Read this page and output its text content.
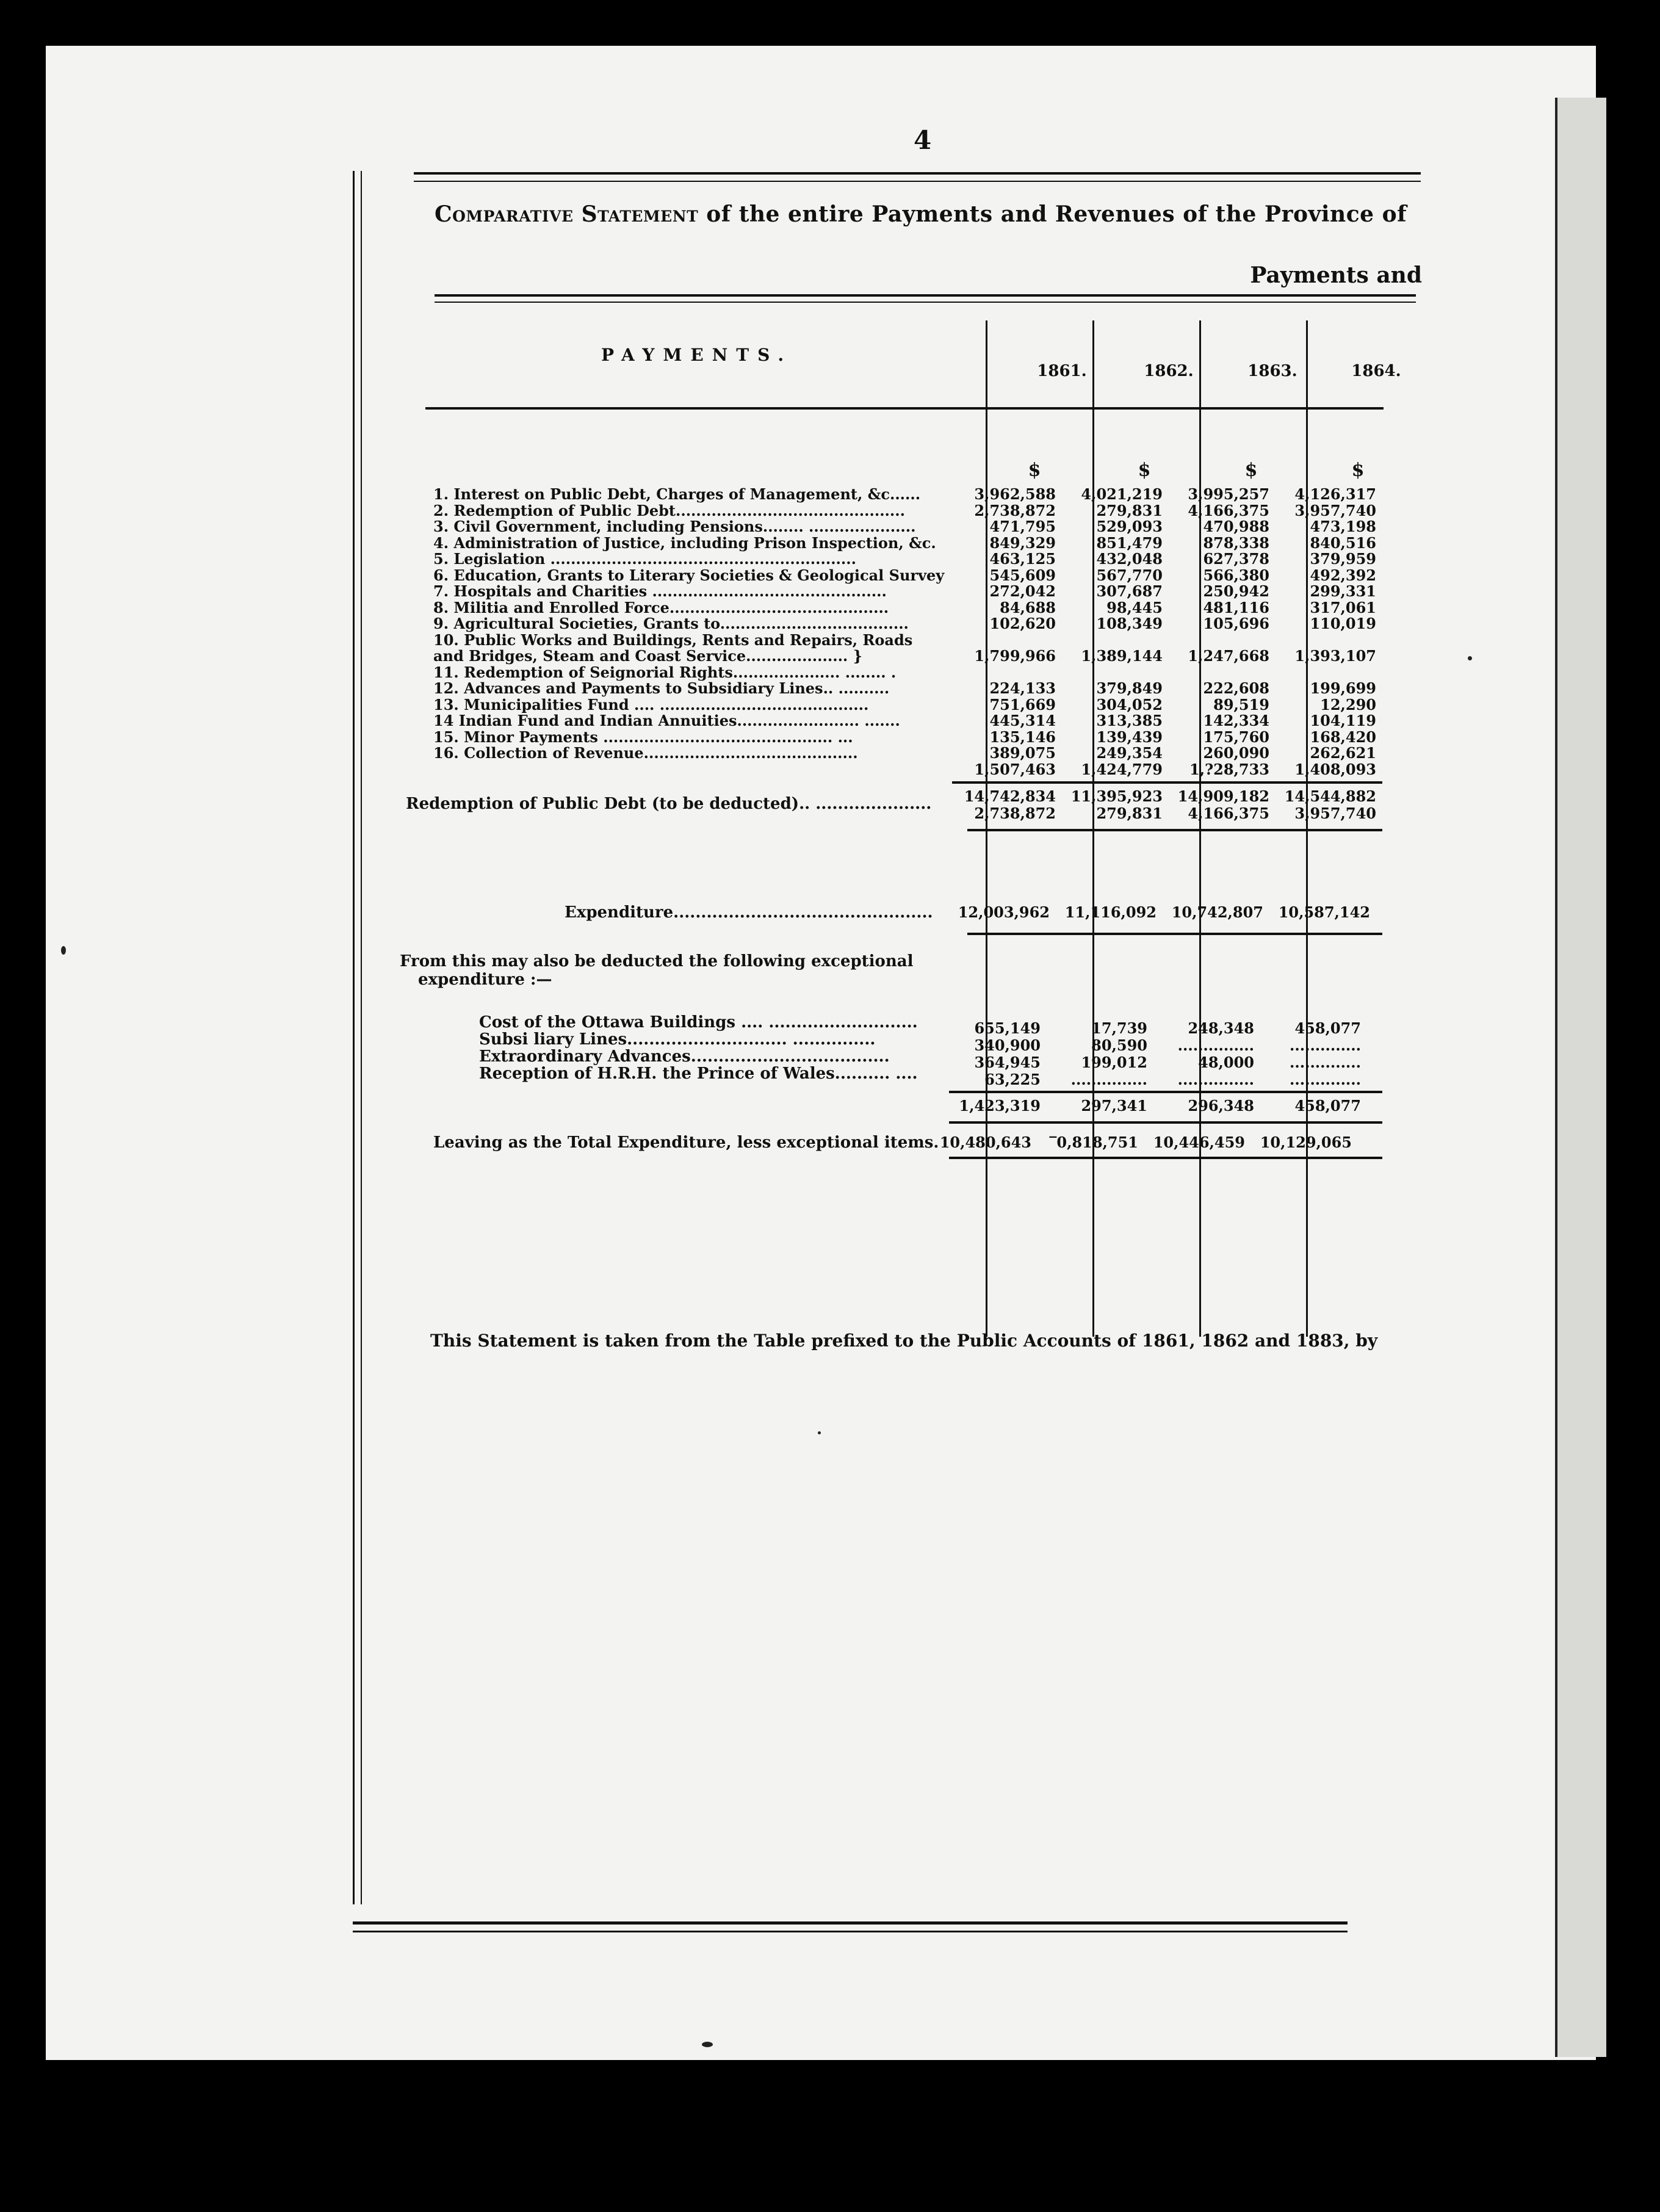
4
Comparative Statement of the entire Payments and Revenues of the Province of
Payments and
PAYMENTS.
1861.	1862.	1863.	1864.
$	$	$	$
1. Interest on Public Debt, Charges of Management, &c......	3,962,588	4,021,219	3,995,257	4,126,317
2. Redemption of Public Debt.............................................	2,738,872	279,831	4,166,375	3,957,740
3. Civil Government, including Pensions........ .....................	471,795	529,093	470,988	473,198
4. Administration of Justice, including Prison Inspection, &c.	849,329	851,479	878,338	840,516
5. Legislation ............................................................	463,125	432,048	627,378	379,959
6. Education, Grants to Literary Societies & Geological Survey	545,609	567,770	566,380	492,392
7. Hospitals and Charities ..............................................	272,042	307,687	250,942	299,331
8. Militia and Enrolled Force...........................................	84,688	98,445	481,116	317,061
9. Agricultural Societies, Grants to.....................................	102,620	108,349	105,696	110,019
10. Public Works and Buildings, Rents and Repairs, Roads
and Bridges, Steam and Coast Service.................... }	1,799,966	1,389,144	1,247,668	1,393,107
11. Redemption of Seignorial Rights..................... ........ .
12. Advances and Payments to Subsidiary Lines.. ..........	224,133	379,849	222,608	199,699
13. Municipalities Fund .... .........................................	751,669	304,052	89,519	12,290
14 Indian Fund and Indian Annuities........................ .......	445,314	313,385	142,334	104,119
15. Minor Payments ............................................. ...	135,146	139,439	175,760	168,420
16. Collection of Revenue..........................................	389,075	249,354	260,090	262,621
1,507,463	1,424,779	1,?28,733	1,408,093
14,742,834	11,395,923	14,909,182	14,544,882
Redemption of Public Debt (to be deducted).. .....................
2,738,872	279,831	4,166,375	3,957,740
Expenditure...............................................	12,003,962	11,116,092	10,742,807	10,587,142
From this may also be deducted the following exceptional
expenditure :—
Cost of the Ottawa Buildings .... ...........................	655,149	17,739	248,348	458,077
Subsi liary Lines............................. ...............	340,900	80,590	...............	..............
Extraordinary Advances....................................	364,945	199,012	48,000	..............
Reception of H.R.H. the Prince of Wales.......... ....	63,225	...............	...............	..............
1,423,319	297,341	296,348	458,077
Leaving as the Total Expenditure, less exceptional items. 10,480,643	‾0,818,751	10,446,459	10,129,065
This Statement is taken from the Table prefixed to the Public Accounts of 1861, 1862 and 1883, by
